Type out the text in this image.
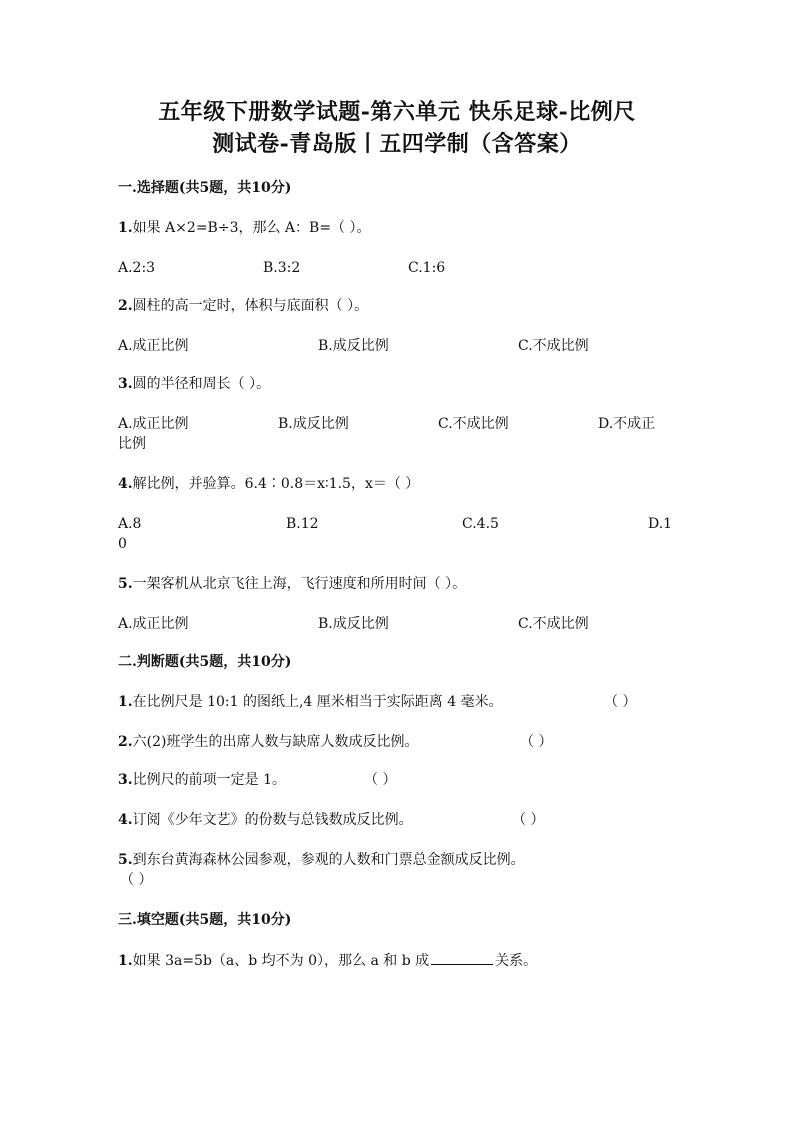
五年级下册数学试题-第六单元 快乐足球-比例尺
测试卷-青岛版丨五四学制（含答案）
一.选择题(共5题，共10分)
1.如果 A×2=B÷3，那么 A：B=（ ）。
A.2:3	B.3:2	C.1:6
2.圆柱的高一定时，体积与底面积（ ）。
A.成正比例	B.成反比例	C.不成比例
3.圆的半径和周长（ ）。
A.成正比例	B.成反比例	C.不成比例	D.不成正
比例
4.解比例，并验算。6.4∶0.8＝x∶1.5，x＝（ ）
A.8	B.12	C.4.5	D.1
0
5.一架客机从北京飞往上海，飞行速度和所用时间（ ）。
A.成正比例	B.成反比例	C.不成比例
二.判断题(共5题，共10分)
1.在比例尺是 10:1 的图纸上,4 厘米相当于实际距离 4 毫米。	（ ）
2.六(2)班学生的出席人数与缺席人数成反比例。	（ ）
3.比例尺的前项一定是 1。	（ ）
4.订阅《少年文艺》的份数与总钱数成反比例。	（ ）
5.到东台黄海森林公园参观，参观的人数和门票总金额成反比例。
（ ）
三.填空题(共5题，共10分)
1.如果 3a=5b（a、b 均不为 0），那么 a 和 b 成	关系。
